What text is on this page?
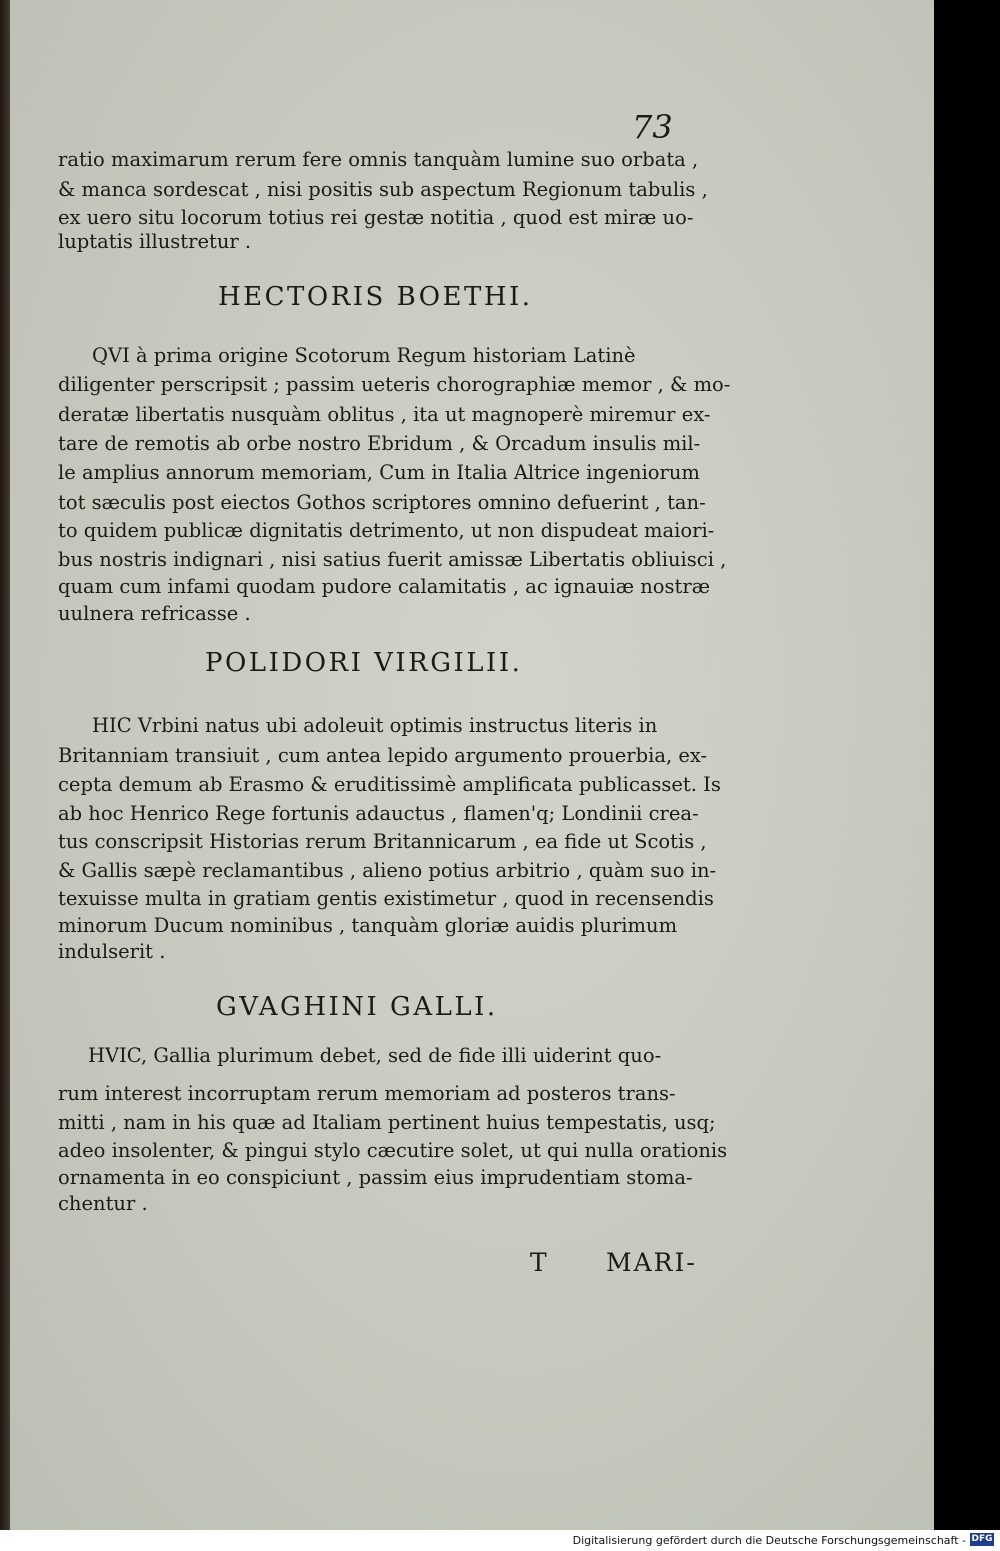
73
ratio maximarum rerum fere omnis tanquàm lumine suo orbata ,
& manca sordescat , nisi positis sub aspectum Regionum tabulis ,
ex uero situ locorum totius rei gestæ notitia , quod est miræ uo-
luptatis illustretur .
HECTORIS BOETHI.
QVI à prima origine Scotorum Regum historiam Latinè
diligenter perscripsit ; passim ueteris chorographiæ memor , & mo-
deratæ libertatis nusquàm oblitus , ita ut magnoperè miremur ex-
tare de remotis ab orbe nostro Ebridum , & Orcadum insulis mil-
le amplius annorum memoriam, Cum in Italia Altrice ingeniorum
tot sæculis post eiectos Gothos scriptores omnino defuerint , tan-
to quidem publicæ dignitatis detrimento, ut non dispudeat maiori-
bus nostris indignari , nisi satius fuerit amissæ Libertatis obliuisci ,
quam cum infami quodam pudore calamitatis , ac ignauiæ nostræ
uulnera refricasse .
POLIDORI VIRGILII.
HIC Vrbini natus ubi adoleuit optimis instructus literis in
Britanniam transiuit , cum antea lepido argumento prouerbia, ex-
cepta demum ab Erasmo & eruditissimè amplificata publicasset. Is
ab hoc Henrico Rege fortunis adauctus , flamen'q; Londinii crea-
tus conscripsit Historias rerum Britannicarum , ea fide ut Scotis ,
& Gallis sæpè reclamantibus , alieno potius arbitrio , quàm suo in-
texuisse multa in gratiam gentis existimetur , quod in recensendis
minorum Ducum nominibus , tanquàm gloriæ auidis plurimum
indulserit .
GVAGHINI GALLI.
HVIC, Gallia plurimum debet, sed de fide illi uiderint quo-
rum interest incorruptam rerum memoriam ad posteros trans-
mitti , nam in his quæ ad Italiam pertinent huius tempestatis, usq;
adeo insolenter, & pingui stylo cæcutire solet, ut qui nulla orationis
ornamenta in eo conspiciunt , passim eius imprudentiam stoma-
chentur .
T MARI-
Digitalisierung gefördert durch die Deutsche Forschungsgemeinschaft - DFG
